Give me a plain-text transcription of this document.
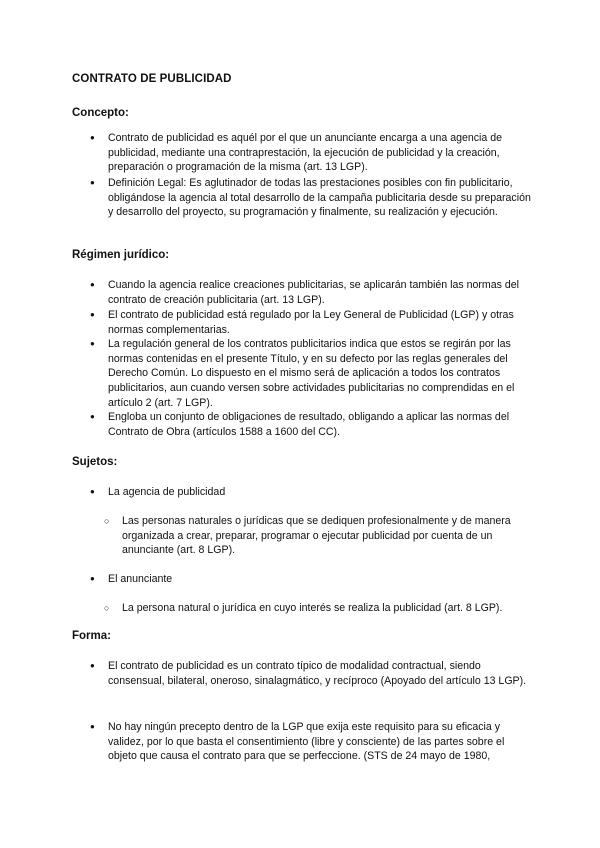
CONTRATO DE PUBLICIDAD
Concepto:
● Contrato de publicidad es aquél por el que un anunciante encarga a una agencia de publicidad, mediante una contraprestación, la ejecución de publicidad y la creación, preparación o programación de la misma (art. 13 LGP).
● Definición Legal: Es aglutinador de todas las prestaciones posibles con fin publicitario, obligándose la agencia al total desarrollo de la campaña publicitaria desde su preparación y desarrollo del proyecto, su programación y finalmente, su realización y ejecución.
Régimen jurídico:
● Cuando la agencia realice creaciones publicitarias, se aplicarán también las normas del contrato de creación publicitaria (art. 13 LGP).
● El contrato de publicidad está regulado por la Ley General de Publicidad (LGP) y otras normas complementarias.
● La regulación general de los contratos publicitarios indica que estos se regirán por las normas contenidas en el presente Título, y en su defecto por las reglas generales del Derecho Común. Lo dispuesto en el mismo será de aplicación a todos los contratos publicitarios, aun cuando versen sobre actividades publicitarias no comprendidas en el artículo 2 (art. 7 LGP).
● Engloba un conjunto de obligaciones de resultado, obligando a aplicar las normas del Contrato de Obra (artículos 1588 a 1600 del CC).
Sujetos:
● La agencia de publicidad
○ Las personas naturales o jurídicas que se dediquen profesionalmente y de manera organizada a crear, preparar, programar o ejecutar publicidad por cuenta de un anunciante (art. 8 LGP).
● El anunciante
○ La persona natural o jurídica en cuyo interés se realiza la publicidad (art. 8 LGP).
Forma:
● El contrato de publicidad es un contrato típico de modalidad contractual, siendo consensual, bilateral, oneroso, sinalagmático, y recíproco (Apoyado del artículo 13 LGP).
● No hay ningún precepto dentro de la LGP que exija este requisito para su eficacia y validez, por lo que basta el consentimiento (libre y consciente) de las partes sobre el objeto que causa el contrato para que se perfeccione. (STS de 24 mayo de 1980,
